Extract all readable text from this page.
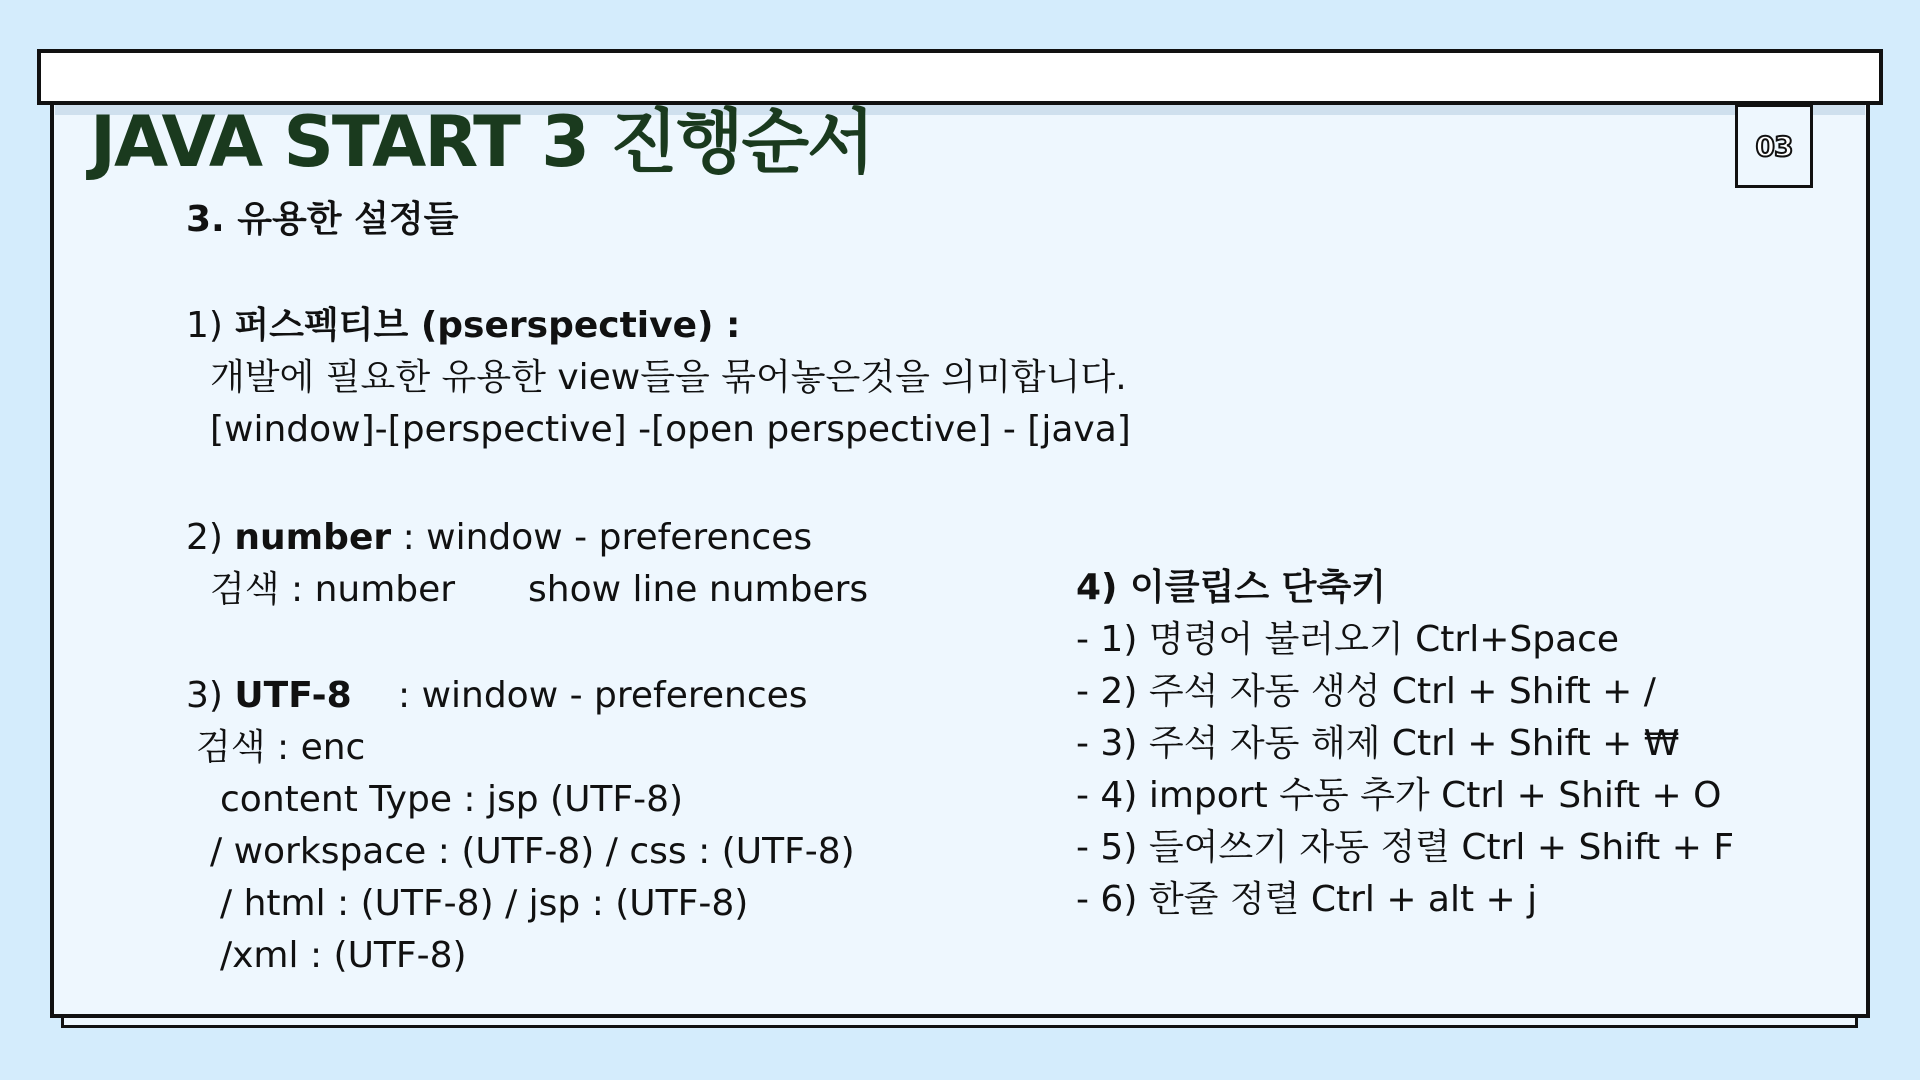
JAVA START 3 진행순서	03
3. 유용한 설정들
1) 퍼스펙티브 (pserspective) :
개발에 필요한 유용한 view들을 묶어놓은것을 의미합니다.
[window]-[perspective] -[open perspective] - [java]
2) number : window - preferences
검색 : number show line numbers
3) UTF-8 : window - preferences
검색 : enc
content Type : jsp (UTF-8)
/ workspace : (UTF-8) / css : (UTF-8)
/ html : (UTF-8) / jsp : (UTF-8)
/xml : (UTF-8)
4) 이클립스 단축키
- 1) 명령어 불러오기 Ctrl+Space
- 2) 주석 자동 생성 Ctrl + Shift + /
- 3) 주석 자동 해제 Ctrl + Shift + ₩
- 4) import 수동 추가 Ctrl + Shift + O
- 5) 들여쓰기 자동 정렬 Ctrl + Shift + F
- 6) 한줄 정렬 Ctrl + alt + j
